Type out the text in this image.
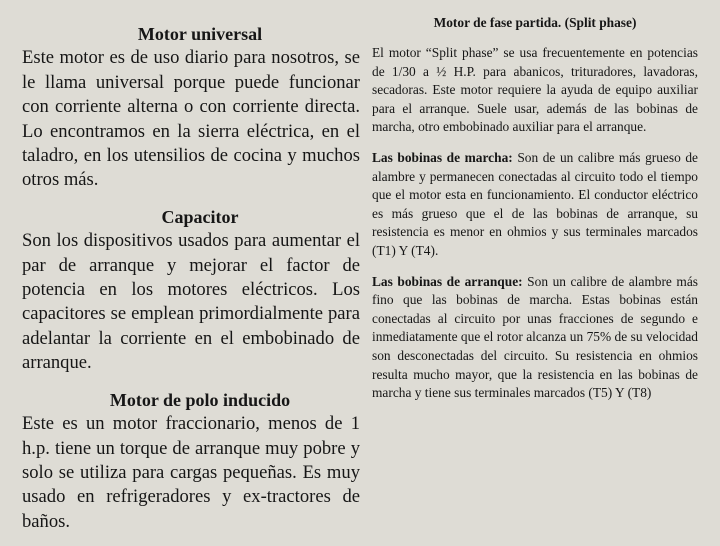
Motor universal

Este motor es de uso diario para nosotros, se le llama universal porque puede funcionar con corriente alterna o con corriente directa. Lo encontramos en la sierra eléctrica, en el taladro, en los utensilios de cocina y muchos otros más.

Capacitor

Son los dispositivos usados para aumentar el par de arranque y mejorar el factor de potencia en los motores eléctricos. Los capacitores se emplean primordialmente para adelantar la corriente en el embobinado de arranque.

Motor de polo inducido

Este es un motor fraccionario, menos de 1 h.p. tiene un torque de arranque muy pobre y solo se utiliza para cargas pequeñas. Es muy usado en refrigeradores y ex-tractores de baños.

Motor de fase partida. (Split phase)

El motor “Split phase” se usa frecuentemente en potencias de 1/30 a ½ H.P. para abanicos, trituradores, lavadoras, secadoras. Este motor requiere la ayuda de equipo auxiliar para el arranque. Suele usar, además de las bobinas de marcha, otro embobinado auxiliar para el arranque.

Las bobinas de marcha: Son de un calibre más grueso de alambre y permanecen conectadas al circuito todo el tiempo que el motor esta en funcionamiento. El conductor eléctrico es más grueso que el de las bobinas de arranque, su resistencia es menor en ohmios y sus terminales marcados (T1) Y (T4).

Las bobinas de arranque: Son un calibre de alambre más fino que las bobinas de marcha. Estas bobinas están conectadas al circuito por unas fracciones de segundo e inmediatamente que el rotor alcanza un 75% de su velocidad son desconectadas del circuito. Su resistencia en ohmios resulta mucho mayor, que la resistencia en las bobinas de marcha y tiene sus terminales marcados (T5) Y (T8)
